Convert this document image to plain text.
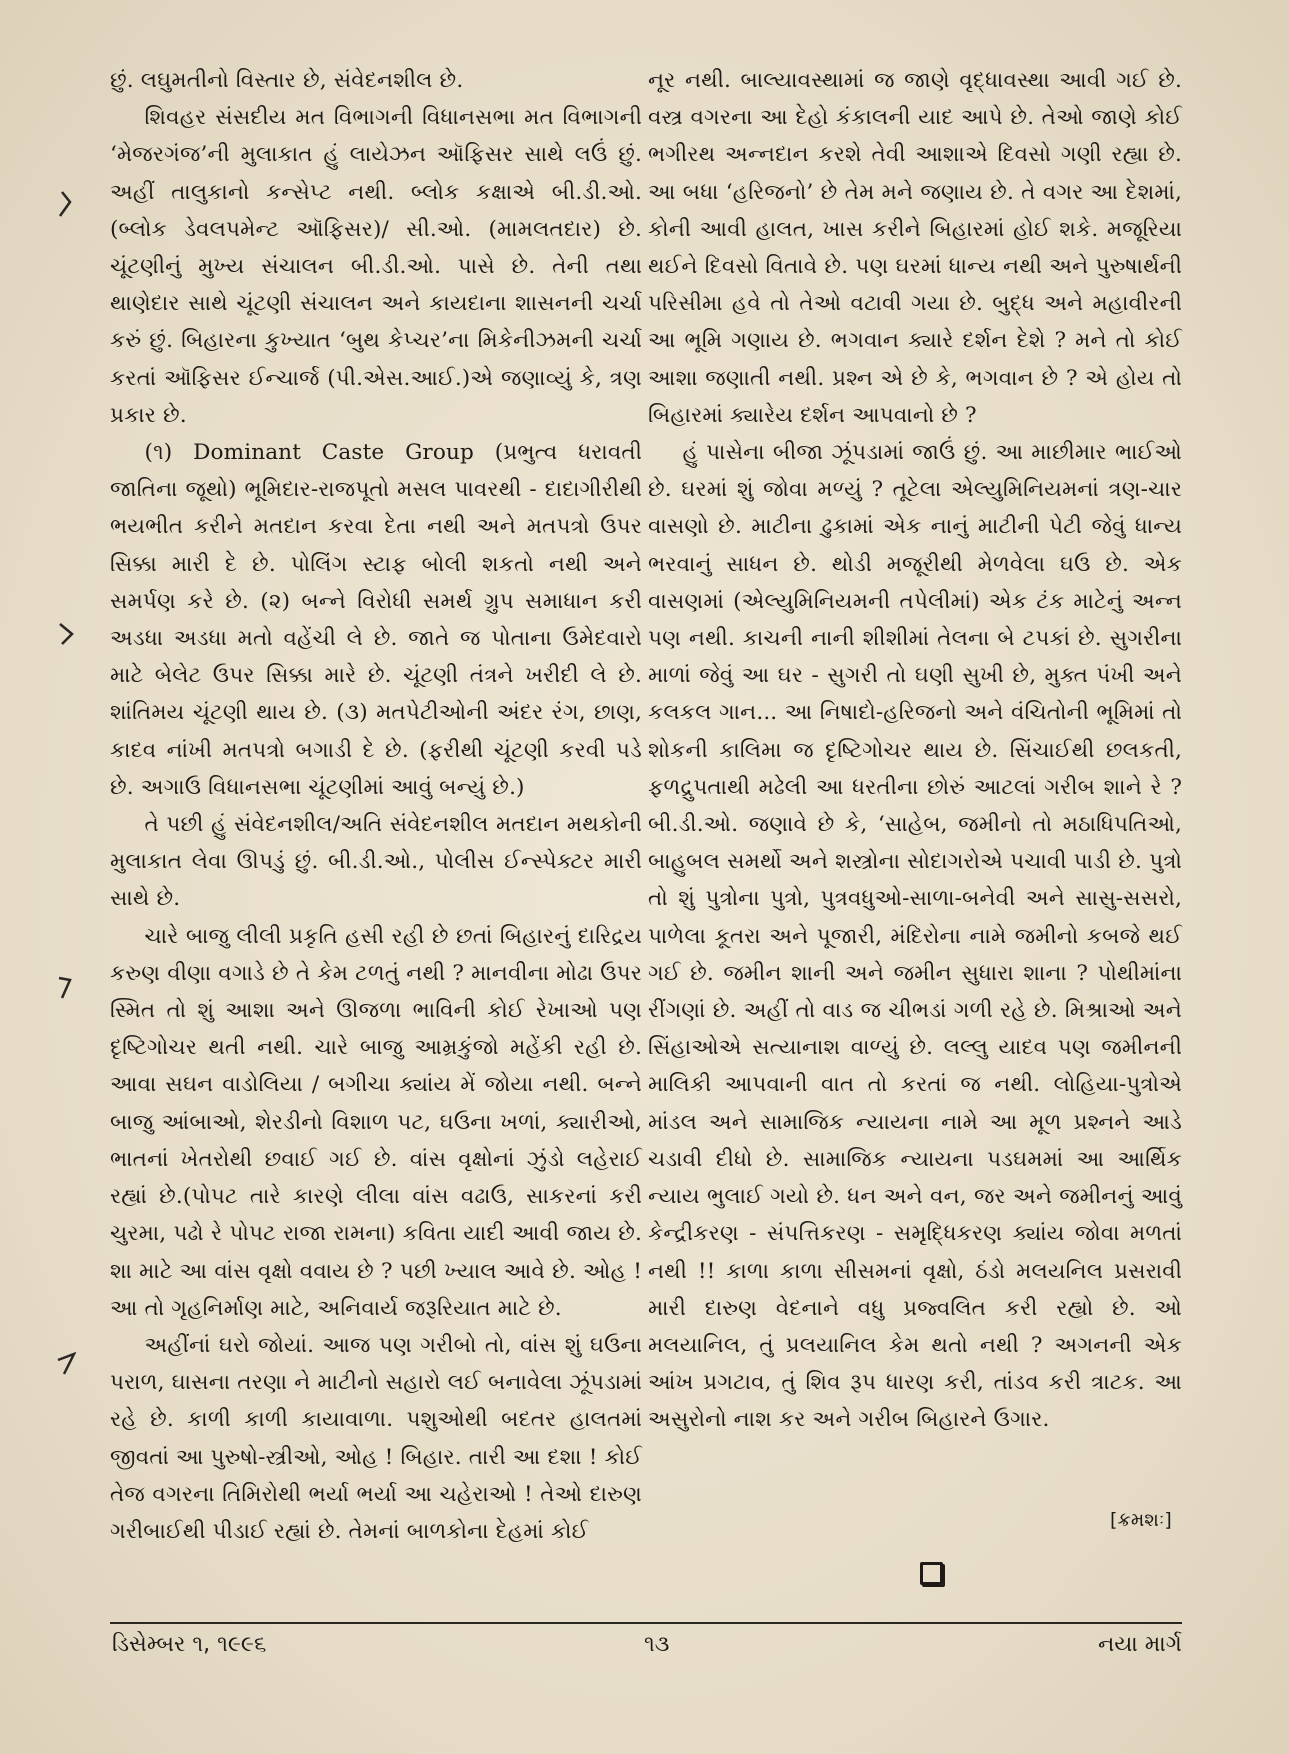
છું. લઘુમતીનો વિસ્તાર છે, સંવેદનશીલ છે.

શિવહર સંસદીય મત વિભાગની વિધાનસભા મત વિભાગની ‘મેજરગંજ’ની મુલાકાત હું લાયેઝન ઑફિસર સાથે લઉં છું. અહીં તાલુકાનો કન્સેપ્ટ નથી. બ્લોક કક્ષાએ બી.ડી.ઓ. (બ્લોક ડેવલપમેન્ટ ઑફિસર)/ સી.ઓ. (મામલતદાર) છે. ચૂંટણીનું મુખ્ય સંચાલન બી.ડી.ઓ. પાસે છે. તેની તથા થાણેદાર સાથે ચૂંટણી સંચાલન અને કાયદાના શાસનની ચર્ચા કરું છું. બિહારના કુખ્યાત ‘બુથ કેપ્ચર’ના મિકેનીઝમની ચર્ચા કરતાં ઑફિસર ઈન્ચાર્જ (પી.એસ.આઈ.)એ જણાવ્યું કે, ત્રણ પ્રકાર છે.

(૧) Dominant Caste Group (પ્રભુત્વ ધરાવતી જાતિના જૂથો) ભૂમિદાર-રાજપૂતો મસલ પાવરથી - દાદાગીરીથી ભયભીત કરીને મતદાન કરવા દેતા નથી અને મતપત્રો ઉપર સિક્કા મારી દે છે. પોલિંગ સ્ટાફ બોલી શકતો નથી અને સમર્પણ કરે છે. (૨) બન્ને વિરોધી સમર્થ ગ્રુપ સમાધાન કરી અડધા અડધા મતો વહેંચી લે છે. જાતે જ પોતાના ઉમેદવારો માટે બેલેટ ઉપર સિક્કા મારે છે. ચૂંટણી તંત્રને ખરીદી લે છે. શાંતિમય ચૂંટણી થાય છે. (૩) મતપેટીઓની અંદર રંગ, છાણ, કાદવ નાંખી મતપત્રો બગાડી દે છે. (ફરીથી ચૂંટણી કરવી પડે છે. અગાઉ વિધાનસભા ચૂંટણીમાં આવું બન્યું છે.)

તે પછી હું સંવેદનશીલ/અતિ સંવેદનશીલ મતદાન મથકોની મુલાકાત લેવા ઊપડું છું. બી.ડી.ઓ., પોલીસ ઈન્સ્પેક્ટર મારી સાથે છે.

ચારે બાજુ લીલી પ્રકૃતિ હસી રહી છે છતાં બિહારનું દારિદ્રય કરુણ વીણા વગાડે છે તે કેમ ટળતું નથી ? માનવીના મોઢા ઉપર સ્મિત તો શું આશા અને ઊજળા ભાવિની કોઈ રેખાઓ પણ દૃષ્ટિગોચર થતી નથી. ચારે બાજુ આમ્રકુંજો મહેંકી રહી છે. આવા સઘન વાડોલિયા / બગીચા ક્યાંય મેં જોયા નથી. બન્ને બાજુ આંબાઓ, શેરડીનો વિશાળ પટ, ઘઉના ખળાં, ક્યારીઓ, ભાતનાં ખેતરોથી છવાઈ ગઈ છે. વાંસ વૃક્ષોનાં ઝુંડો લહેરાઈ રહ્યાં છે.(પોપટ તારે કારણે લીલા વાંસ વઢાઉ, સાકરનાં કરી ચુરમા, પઢો રે પોપટ રાજા રામના) કવિતા યાદી આવી જાય છે. શા માટે આ વાંસ વૃક્ષો વવાય છે ? પછી ખ્યાલ આવે છે. ઓહ ! આ તો ગૃહનિર્માણ માટે, અનિવાર્ય જરૂરિયાત માટે છે.

અહીંનાં ઘરો જોયાં. આજ પણ ગરીબો તો, વાંસ શું ઘઉના પરાળ, ઘાસના તરણા ને માટીનો સહારો લઈ બનાવેલા ઝૂંપડામાં રહે છે. કાળી કાળી કાયાવાળા. પશુઓથી બદતર હાલતમાં જીવતાં આ પુરુષો-સ્ત્રીઓ, ઓહ ! બિહાર. તારી આ દશા ! કોઈ તેજ વગરના તિમિરોથી ભર્યા ભર્યા આ ચહેરાઓ ! તેઓ દારુણ ગરીબાઈથી પીડાઈ રહ્યાં છે. તેમનાં બાળકોના દેહમાં કોઈ

નૂર નથી. બાલ્યાવસ્થામાં જ જાણે વૃદ્ધાવસ્થા આવી ગઈ છે. વસ્ત્ર વગરના આ દેહો કંકાલની યાદ આપે છે. તેઓ જાણે કોઈ ભગીરથ અન્નદાન કરશે તેવી આશાએ દિવસો ગણી રહ્યા છે. આ બધા ‘હરિજનો’ છે તેમ મને જણાય છે. તે વગર આ દેશમાં, કોની આવી હાલત, ખાસ કરીને બિહારમાં હોઈ શકે. મજૂરિયા થઈને દિવસો વિતાવે છે. પણ ઘરમાં ધાન્ય નથી અને પુરુષાર્થની પરિસીમા હવે તો તેઓ વટાવી ગયા છે. બુદ્ધ અને મહાવીરની આ ભૂમિ ગણાય છે. ભગવાન ક્યારે દર્શન દેશે ? મને તો કોઈ આશા જણાતી નથી. પ્રશ્ન એ છે કે, ભગવાન છે ? એ હોય તો બિહારમાં ક્યારેય દર્શન આપવાનો છે ?

હું પાસેના બીજા ઝૂંપડામાં જાઉં છું. આ માછીમાર ભાઈઓ છે. ઘરમાં શું જોવા મળ્યું ? તૂટેલા એલ્યુમિનિયમનાં ત્રણ-ચાર વાસણો છે. માટીના ઢુકામાં એક નાનું માટીની પેટી જેવું ધાન્ય ભરવાનું સાધન છે. થોડી મજૂરીથી મેળવેલા ઘઉ છે. એક વાસણમાં (એલ્યુમિનિયમની તપેલીમાં) એક ટંક માટેનું અન્ન પણ નથી. કાચની નાની શીશીમાં તેલના બે ટપકાં છે. સુગરીના માળાં જેવું આ ઘર - સુગરી તો ઘણી સુખી છે, મુક્ત પંખી અને કલકલ ગાન... આ નિષાદો-હરિજનો અને વંચિતોની ભૂમિમાં તો શોકની કાલિમા જ દૃષ્ટિગોચર થાય છે. સિંચાઈથી છલકતી, ફળદ્રુપતાથી મઢેલી આ ધરતીના છોરું આટલાં ગરીબ શાને રે ? બી.ડી.ઓ. જણાવે છે કે, ‘સાહેબ, જમીનો તો મઠાધિપતિઓ, બાહુબલ સમર્થો અને શસ્ત્રોના સોદાગરોએ પચાવી પાડી છે. પુત્રો તો શું પુત્રોના પુત્રો, પુત્રવધુઓ-સાળા-બનેવી અને સાસુ-સસરો, પાળેલા કૂતરા અને પૂજારી, મંદિરોના નામે જમીનો કબજે થઈ ગઈ છે. જમીન શાની અને જમીન સુધારા શાના ? પોથીમાંના રીંગણાં છે. અહીં તો વાડ જ ચીભડાં ગળી રહે છે. મિશ્રાઓ અને સિંહાઓએ સત્યાનાશ વાળ્યું છે. લલ્લુ યાદવ પણ જમીનની માલિકી આપવાની વાત તો કરતાં જ નથી. લોહિયા-પુત્રોએ માંડલ અને સામાજિક ન્યાયના નામે આ મૂળ પ્રશ્નને આડે ચડાવી દીધો છે. સામાજિક ન્યાયના પડઘમમાં આ આર્થિક ન્યાય ભુલાઈ ગયો છે. ધન અને વન, જર અને જમીનનું આવું કેન્દ્રીકરણ - સંપત્તિકરણ - સમૃદ્ધિકરણ ક્યાંય જોવા મળતાં નથી !! કાળા કાળા સીસમનાં વૃક્ષો, ઠંડો મલયનિલ પ્રસરાવી મારી દારુણ વેદનાને વધુ પ્રજ્વલિત કરી રહ્યો છે. ઓ મલયાનિલ, તું પ્રલયાનિલ કેમ થતો નથી ? અગનની એક આંખ પ્રગટાવ, તું શિવ રૂપ ધારણ કરી, તાંડવ કરી ત્રાટક. આ અસુરોનો નાશ કર અને ગરીબ બિહારને ઉગાર.

[ક્રમશઃ]
ડિસેમ્બર ૧, ૧૯૯૬	૧૩	નયા માર્ગ
